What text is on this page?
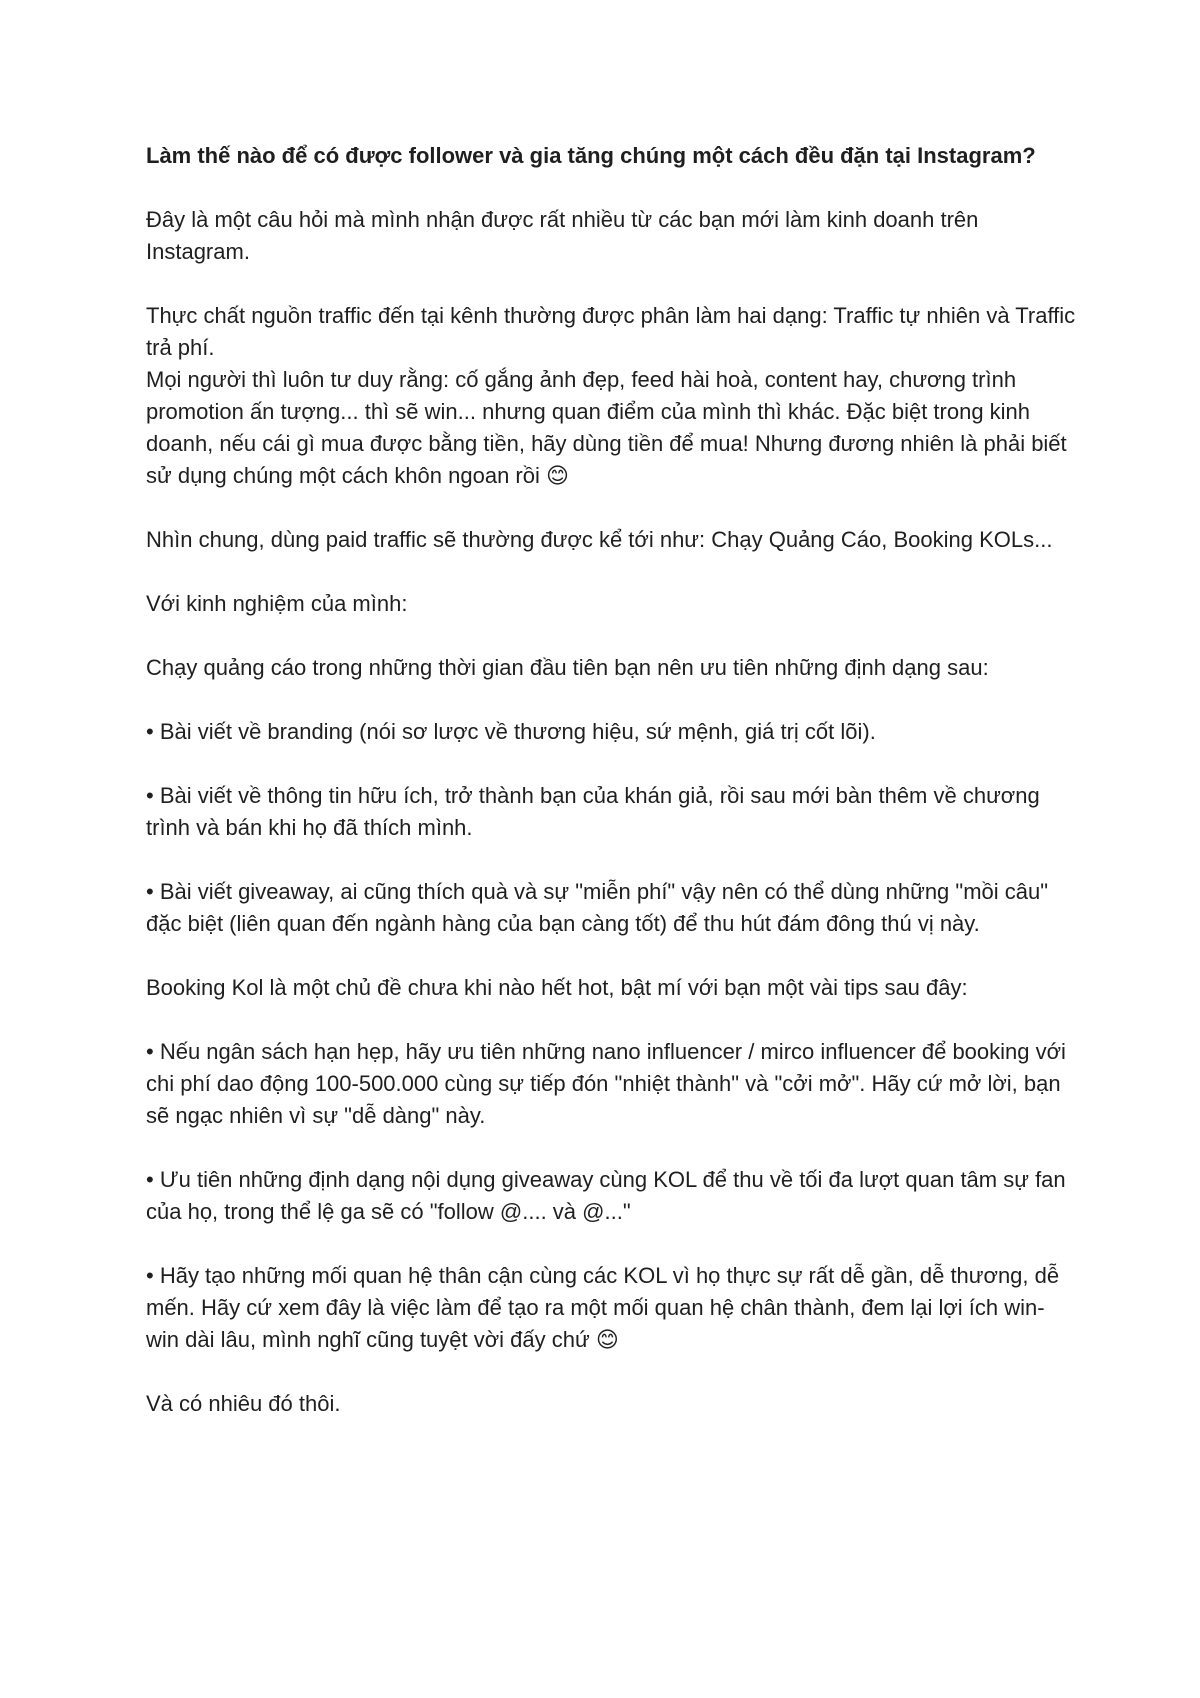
Làm thế nào để có được follower và gia tăng chúng một cách đều đặn tại Instagram?
Đây là một câu hỏi mà mình nhận được rất nhiều từ các bạn mới làm kinh doanh trên Instagram.
Thực chất nguồn traffic đến tại kênh thường được phân làm hai dạng: Traffic tự nhiên và Traffic trả phí.
Mọi người thì luôn tư duy rằng: cố gắng ảnh đẹp, feed hài hoà, content hay, chương trình promotion ấn tượng... thì sẽ win... nhưng quan điểm của mình thì khác. Đặc biệt trong kinh doanh, nếu cái gì mua được bằng tiền, hãy dùng tiền để mua! Nhưng đương nhiên là phải biết sử dụng chúng một cách khôn ngoan rồi 😊
Nhìn chung, dùng paid traffic sẽ thường được kể tới như: Chạy Quảng Cáo, Booking KOLs...
Với kinh nghiệm của mình:
Chạy quảng cáo trong những thời gian đầu tiên bạn nên ưu tiên những định dạng sau:
• Bài viết về branding (nói sơ lược về thương hiệu, sứ mệnh, giá trị cốt lõi).
• Bài viết về thông tin hữu ích, trở thành bạn của khán giả, rồi sau mới bàn thêm về chương trình và bán khi họ đã thích mình.
• Bài viết giveaway, ai cũng thích quà và sự "miễn phí" vậy nên có thể dùng những "mồi câu" đặc biệt (liên quan đến ngành hàng của bạn càng tốt) để thu hút đám đông thú vị này.
Booking Kol là một chủ đề chưa khi nào hết hot, bật mí với bạn một vài tips sau đây:
• Nếu ngân sách hạn hẹp, hãy ưu tiên những nano influencer / mirco influencer để booking với chi phí dao động 100-500.000 cùng sự tiếp đón "nhiệt thành" và "cởi mở". Hãy cứ mở lời, bạn sẽ ngạc nhiên vì sự "dễ dàng" này.
• Ưu tiên những định dạng nội dụng giveaway cùng KOL để thu về tối đa lượt quan tâm sự fan của họ, trong thể lệ ga sẽ có "follow @.... và @..."
• Hãy tạo những mối quan hệ thân cận cùng các KOL vì họ thực sự rất dễ gần, dễ thương, dễ mến. Hãy cứ xem đây là việc làm để tạo ra một mối quan hệ chân thành, đem lại lợi ích win-win dài lâu, mình nghĩ cũng tuyệt vời đấy chứ 😊
Và có nhiêu đó thôi.
